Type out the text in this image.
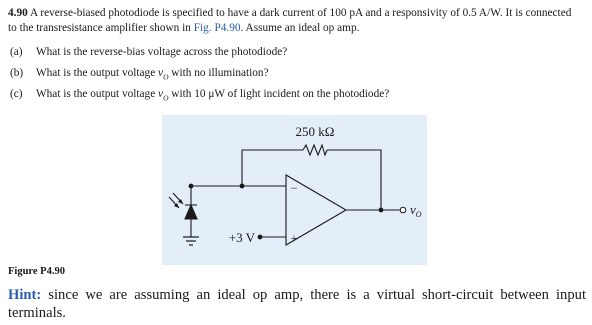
4.90 A reverse-biased photodiode is specified to have a dark current of 100 pA and a responsivity of 0.5 A/W. It is connected to the transresistance amplifier shown in Fig. P4.90. Assume an ideal op amp.
(a) What is the reverse-bias voltage across the photodiode?
(b) What is the output voltage $v_O$ with no illumination?
(c) What is the output voltage $v_O$ with 10 μW of light incident on the photodiode?
250 kΩ
−
+
+3 V
$v_O$
Figure P4.90
Hint: since we are assuming an ideal op amp, there is a virtual short-circuit between input terminals.
